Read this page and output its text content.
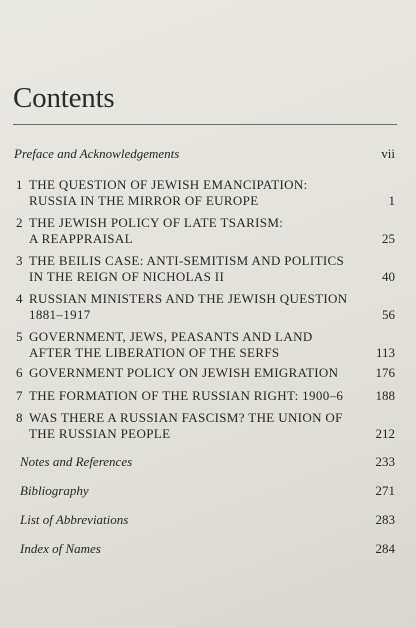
Contents
Preface and Acknowledgements	vii
1 THE QUESTION OF JEWISH EMANCIPATION:
RUSSIA IN THE MIRROR OF EUROPE	1
2 THE JEWISH POLICY OF LATE TSARISM:
A REAPPRAISAL	25
3 THE BEILIS CASE: ANTI-SEMITISM AND POLITICS
IN THE REIGN OF NICHOLAS II	40
4 RUSSIAN MINISTERS AND THE JEWISH QUESTION
1881–1917	56
5 GOVERNMENT, JEWS, PEASANTS AND LAND
AFTER THE LIBERATION OF THE SERFS	113
6 GOVERNMENT POLICY ON JEWISH EMIGRATION	176
7 THE FORMATION OF THE RUSSIAN RIGHT: 1900–6 188
8 WAS THERE A RUSSIAN FASCISM? THE UNION OF
THE RUSSIAN PEOPLE	212
Notes and References	233
Bibliography	271
List of Abbreviations	283
Index of Names	284
